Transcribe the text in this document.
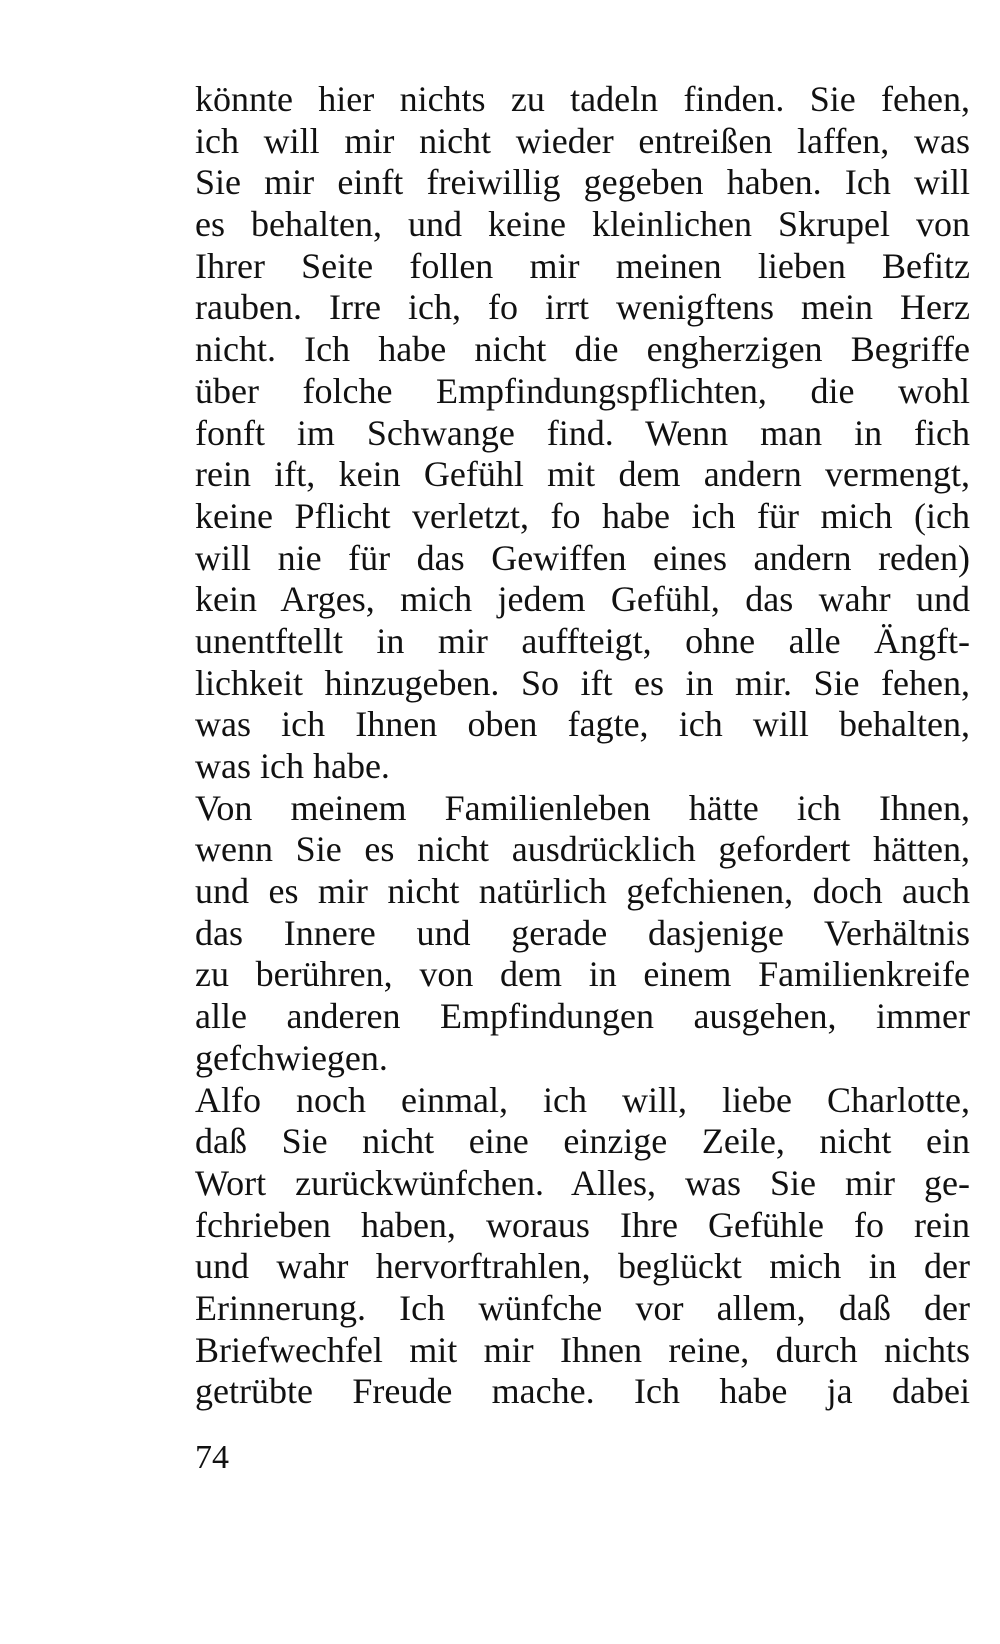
könnte hier nichts zu tadeln finden. Sie fehen,
ich will mir nicht wieder entreißen laffen, was
Sie mir einft freiwillig gegeben haben. Ich will
es behalten, und keine kleinlichen Skrupel von
Ihrer Seite follen mir meinen lieben Befitz
rauben. Irre ich, fo irrt wenigftens mein Herz
nicht. Ich habe nicht die engherzigen Begriffe
über folche Empfindungspflichten, die wohl
fonft im Schwange find. Wenn man in fich
rein ift, kein Gefühl mit dem andern vermengt,
keine Pflicht verletzt, fo habe ich für mich (ich
will nie für das Gewiffen eines andern reden)
kein Arges, mich jedem Gefühl, das wahr und
unentftellt in mir auffteigt, ohne alle Ängft-
lichkeit hinzugeben. So ift es in mir. Sie fehen,
was ich Ihnen oben fagte, ich will behalten,
was ich habe.
Von meinem Familienleben hätte ich Ihnen,
wenn Sie es nicht ausdrücklich gefordert hätten,
und es mir nicht natürlich gefchienen, doch auch
das Innere und gerade dasjenige Verhältnis
zu berühren, von dem in einem Familienkreife
alle anderen Empfindungen ausgehen, immer
gefchwiegen.
Alfo noch einmal, ich will, liebe Charlotte,
daß Sie nicht eine einzige Zeile, nicht ein
Wort zurückwünfchen. Alles, was Sie mir ge-
fchrieben haben, woraus Ihre Gefühle fo rein
und wahr hervorftrahlen, beglückt mich in der
Erinnerung. Ich wünfche vor allem, daß der
Briefwechfel mit mir Ihnen reine, durch nichts
getrübte Freude mache. Ich habe ja dabei
74
